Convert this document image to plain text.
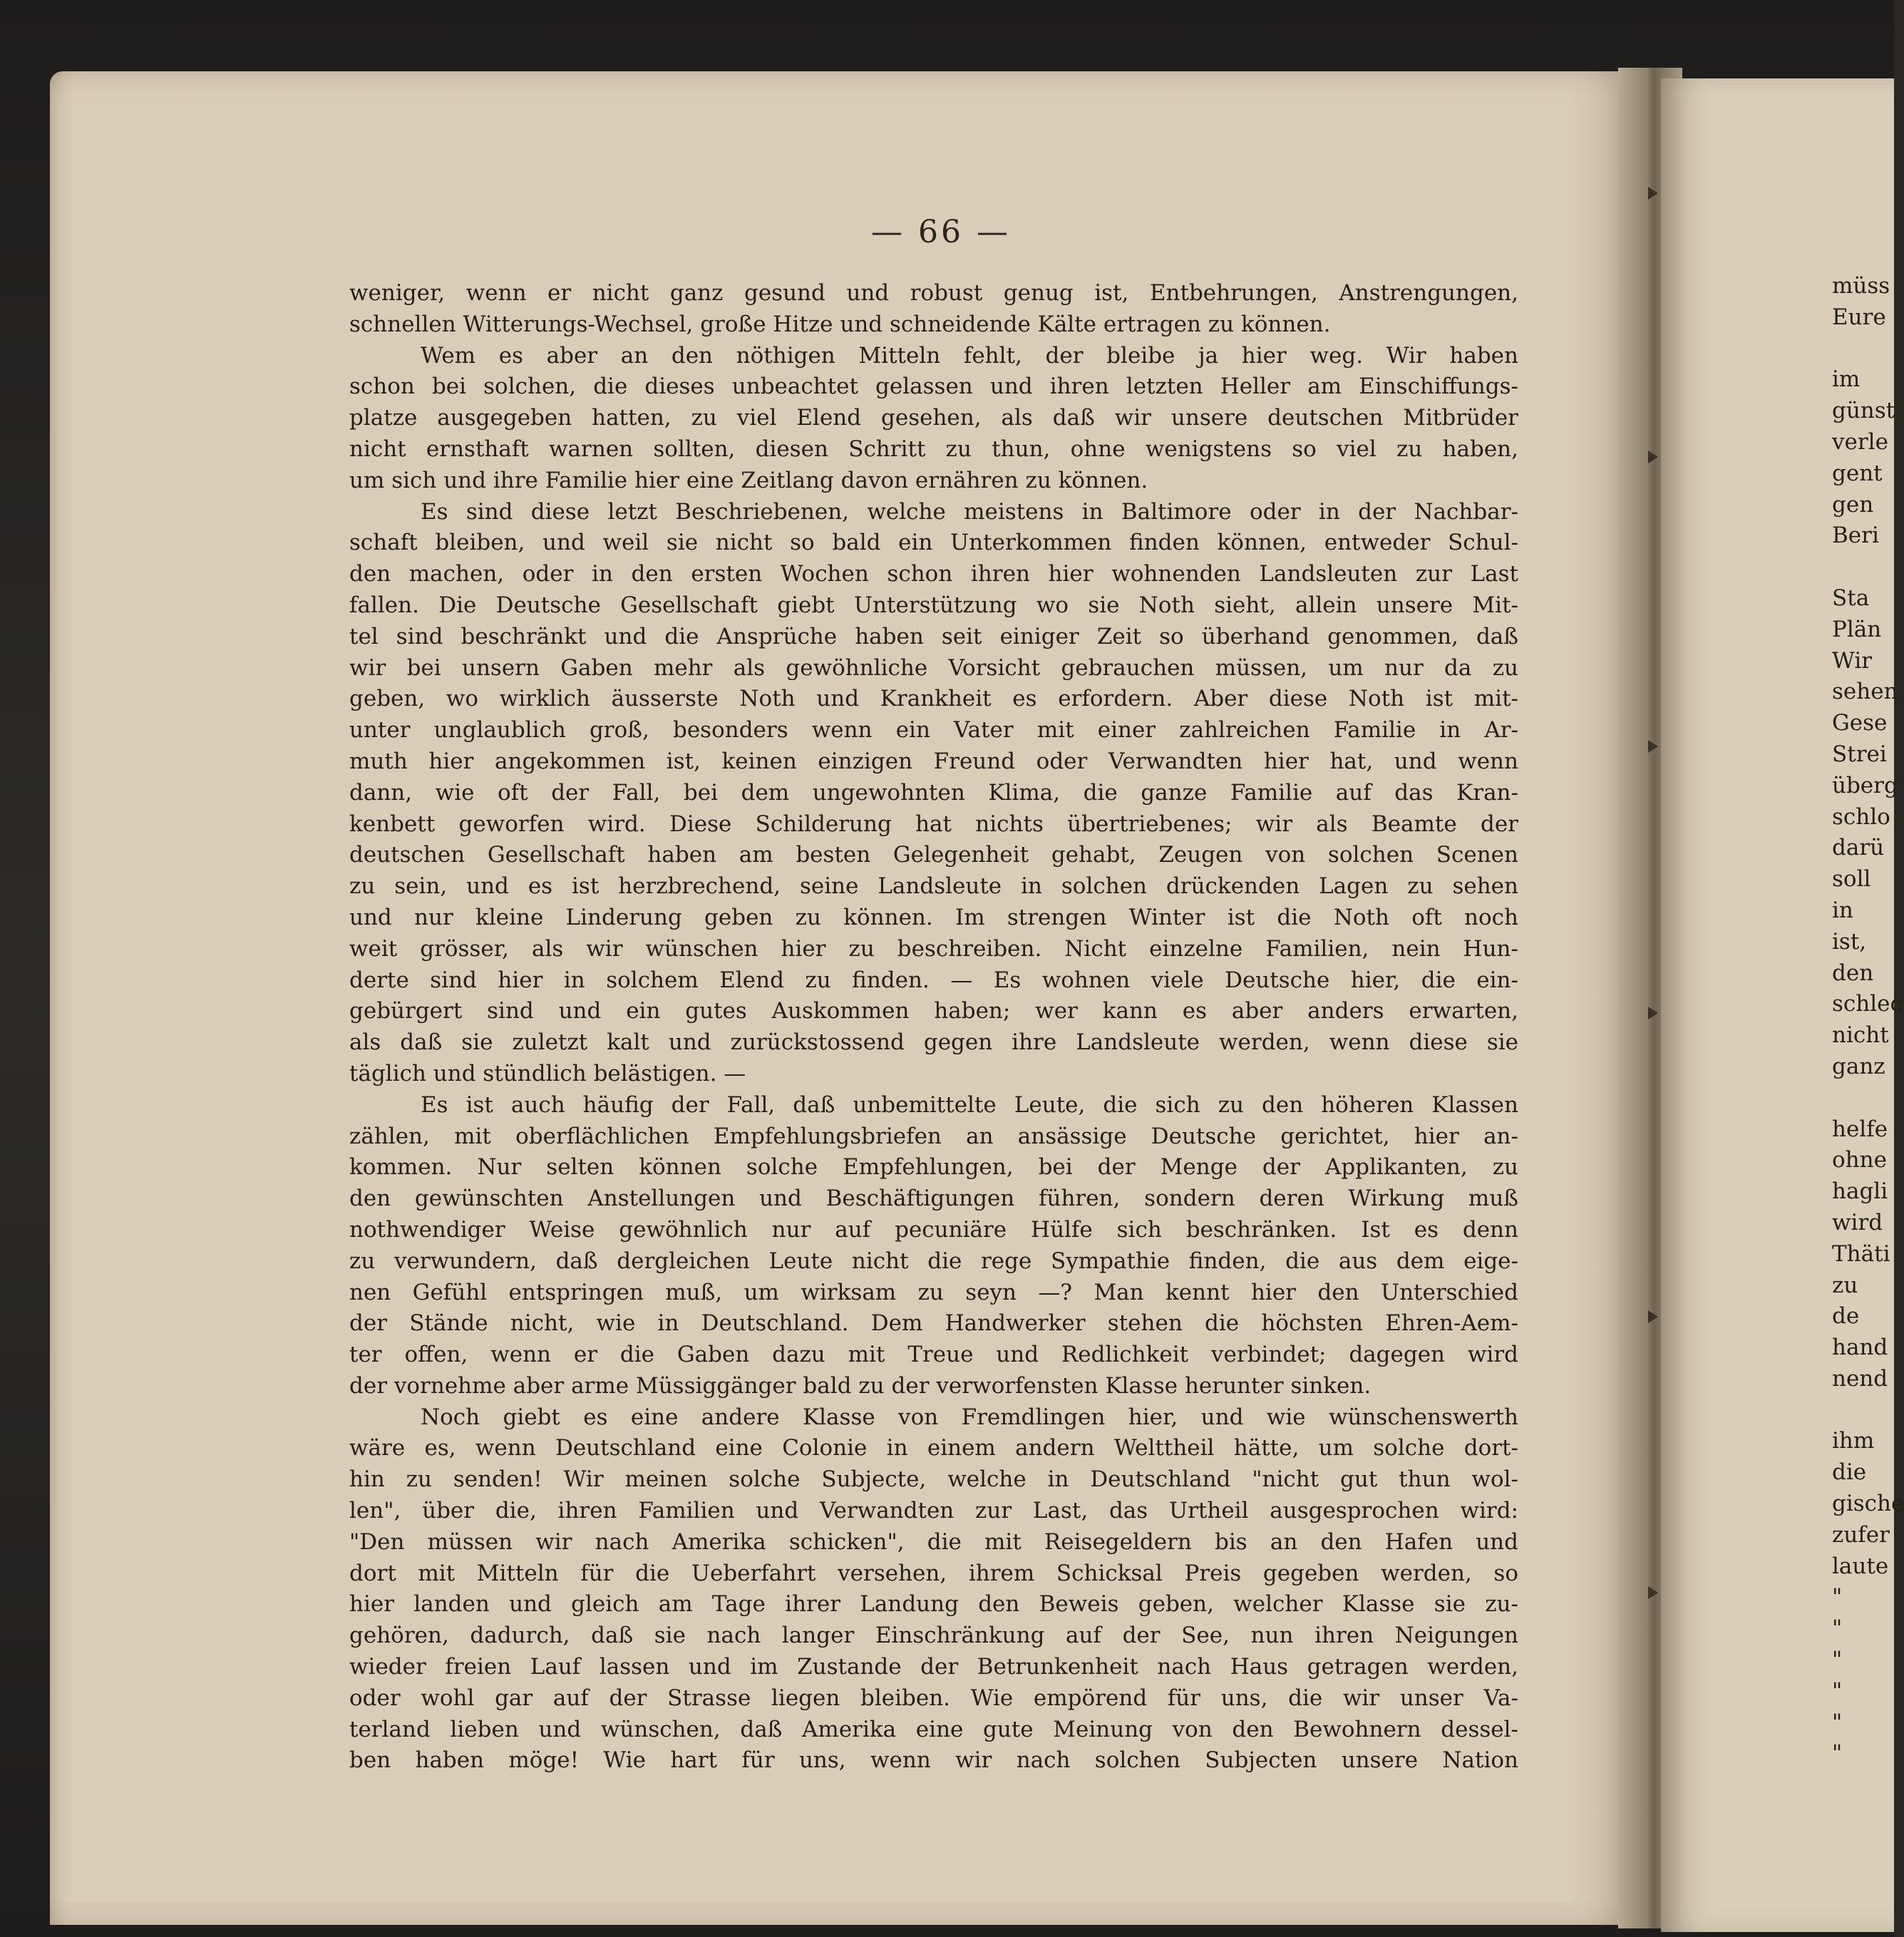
— 66 —
weniger, wenn er nicht ganz gesund und robust genug ist, Entbehrungen, Anstrengungen,
schnellen Witterungs-Wechsel, große Hitze und schneidende Kälte ertragen zu können.
Wem es aber an den nöthigen Mitteln fehlt, der bleibe ja hier weg. Wir haben
schon bei solchen, die dieses unbeachtet gelassen und ihren letzten Heller am Einschiffungs-
platze ausgegeben hatten, zu viel Elend gesehen, als daß wir unsere deutschen Mitbrüder
nicht ernsthaft warnen sollten, diesen Schritt zu thun, ohne wenigstens so viel zu haben,
um sich und ihre Familie hier eine Zeitlang davon ernähren zu können.
Es sind diese letzt Beschriebenen, welche meistens in Baltimore oder in der Nachbar-
schaft bleiben, und weil sie nicht so bald ein Unterkommen finden können, entweder Schul-
den machen, oder in den ersten Wochen schon ihren hier wohnenden Landsleuten zur Last
fallen. Die Deutsche Gesellschaft giebt Unterstützung wo sie Noth sieht, allein unsere Mit-
tel sind beschränkt und die Ansprüche haben seit einiger Zeit so überhand genommen, daß
wir bei unsern Gaben mehr als gewöhnliche Vorsicht gebrauchen müssen, um nur da zu
geben, wo wirklich äusserste Noth und Krankheit es erfordern. Aber diese Noth ist mit-
unter unglaublich groß, besonders wenn ein Vater mit einer zahlreichen Familie in Ar-
muth hier angekommen ist, keinen einzigen Freund oder Verwandten hier hat, und wenn
dann, wie oft der Fall, bei dem ungewohnten Klima, die ganze Familie auf das Kran-
kenbett geworfen wird. Diese Schilderung hat nichts übertriebenes; wir als Beamte der
deutschen Gesellschaft haben am besten Gelegenheit gehabt, Zeugen von solchen Scenen
zu sein, und es ist herzbrechend, seine Landsleute in solchen drückenden Lagen zu sehen
und nur kleine Linderung geben zu können. Im strengen Winter ist die Noth oft noch
weit grösser, als wir wünschen hier zu beschreiben. Nicht einzelne Familien, nein Hun-
derte sind hier in solchem Elend zu finden. — Es wohnen viele Deutsche hier, die ein-
gebürgert sind und ein gutes Auskommen haben; wer kann es aber anders erwarten,
als daß sie zuletzt kalt und zurückstossend gegen ihre Landsleute werden, wenn diese sie
täglich und stündlich belästigen. —
Es ist auch häufig der Fall, daß unbemittelte Leute, die sich zu den höheren Klassen
zählen, mit oberflächlichen Empfehlungsbriefen an ansässige Deutsche gerichtet, hier an-
kommen. Nur selten können solche Empfehlungen, bei der Menge der Applikanten, zu
den gewünschten Anstellungen und Beschäftigungen führen, sondern deren Wirkung muß
nothwendiger Weise gewöhnlich nur auf pecuniäre Hülfe sich beschränken. Ist es denn
zu verwundern, daß dergleichen Leute nicht die rege Sympathie finden, die aus dem eige-
nen Gefühl entspringen muß, um wirksam zu seyn —? Man kennt hier den Unterschied
der Stände nicht, wie in Deutschland. Dem Handwerker stehen die höchsten Ehren-Aem-
ter offen, wenn er die Gaben dazu mit Treue und Redlichkeit verbindet; dagegen wird
der vornehme aber arme Müssiggänger bald zu der verworfensten Klasse herunter sinken.
Noch giebt es eine andere Klasse von Fremdlingen hier, und wie wünschenswerth
wäre es, wenn Deutschland eine Colonie in einem andern Welttheil hätte, um solche dort-
hin zu senden! Wir meinen solche Subjecte, welche in Deutschland "nicht gut thun wol-
len", über die, ihren Familien und Verwandten zur Last, das Urtheil ausgesprochen wird:
"Den müssen wir nach Amerika schicken", die mit Reisegeldern bis an den Hafen und
dort mit Mitteln für die Ueberfahrt versehen, ihrem Schicksal Preis gegeben werden, so
hier landen und gleich am Tage ihrer Landung den Beweis geben, welcher Klasse sie zu-
gehören, dadurch, daß sie nach langer Einschränkung auf der See, nun ihren Neigungen
wieder freien Lauf lassen und im Zustande der Betrunkenheit nach Haus getragen werden,
oder wohl gar auf der Strasse liegen bleiben. Wie empörend für uns, die wir unser Va-
terland lieben und wünschen, daß Amerika eine gute Meinung von den Bewohnern dessel-
ben haben möge! Wie hart für uns, wenn wir nach solchen Subjecten unsere Nation
müss
Eure
im
günst
verle
gent
gen
Beri
Sta
Plän
Wir
sehen
Gese
Strei
überg
schlo
darü
soll
in
ist,
den
schlec
nicht
ganz
helfe
ohne
hagli
wird
Thäti
zu
de
hand
nend
ihm
die
gische
zufer
laute
"
"
"
"
"
"
